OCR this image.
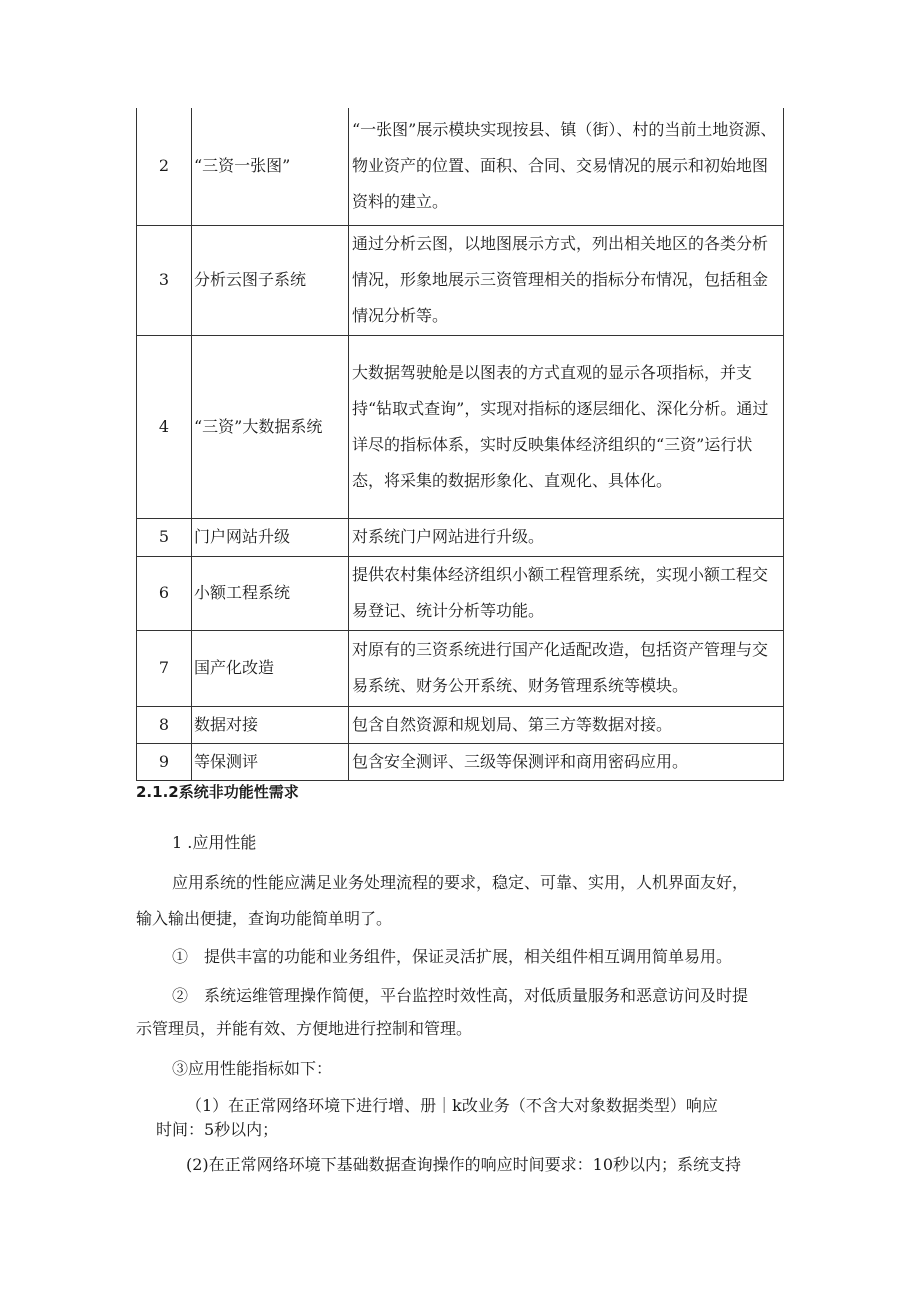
2	“三资一张图”	“一张图”展示模块实现按县、镇（街）、村的当前土地资源、物业资产的位置、面积、合同、交易情况的展示和初始地图资料的建立。
3	分析云图子系统	通过分析云图，以地图展示方式，列出相关地区的各类分析情况，形象地展示三资管理相关的指标分布情况，包括租金情况分析等。
4	“三资”大数据系统	大数据驾驶舱是以图表的方式直观的显示各项指标，并支持“钻取式查询”，实现对指标的逐层细化、深化分析。通过详尽的指标体系，实时反映集体经济组织的“三资”运行状态，将采集的数据形象化、直观化、具体化。
5	门户网站升级	对系统门户网站进行升级。
6	小额工程系统	提供农村集体经济组织小额工程管理系统，实现小额工程交易登记、统计分析等功能。
7	国产化改造	对原有的三资系统进行国产化适配改造，包括资产管理与交易系统、财务公开系统、财务管理系统等模块。
8	数据对接	包含自然资源和规划局、第三方等数据对接。
9	等保测评	包含安全测评、三级等保测评和商用密码应用。
2.1.2系统非功能性需求
1 .应用性能
应用系统的性能应满足业务处理流程的要求，稳定、可靠、实用，人机界面友好，
输入输出便捷，查询功能简单明了。
①　提供丰富的功能和业务组件，保证灵活扩展，相关组件相互调用简单易用。
②　系统运维管理操作简便，平台监控时效性高，对低质量服务和恶意访问及时提
示管理员，并能有效、方便地进行控制和管理。
③应用性能指标如下：
（1）在正常网络环境下进行增、册｜k改业务（不含大对象数据类型）响应
时间：5秒以内；
(2)在正常网络环境下基础数据查询操作的响应时间要求：10秒以内；系统支持
